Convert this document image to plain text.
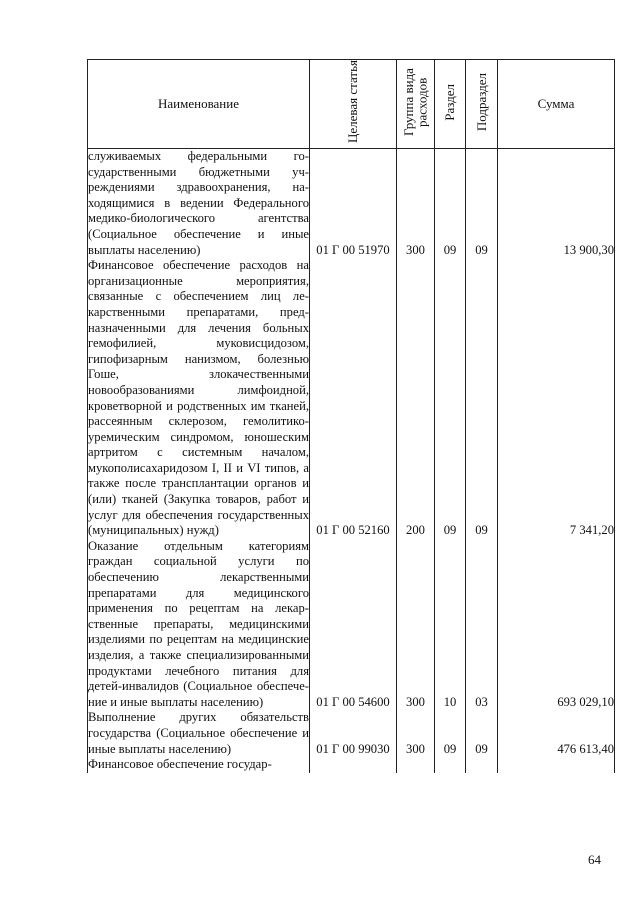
Наименование	Целевая статья	Группа вида расходов	Раздел	Подраздел	Сумма
служиваемых федеральными государственными бюджетными учреждениями здравоохранения, находящимися в ведении Федерального медико-биологического агентства (Социальное обеспечение и иные выплаты населению)	01 Г 00 51970	300	09	09	13 900,30
Финансовое обеспечение расходов на организационные мероприятия, связанные с обеспечением лиц лекарственными препаратами, предназначенными для лечения больных гемофилией, муковисцидозом, гипофизарным нанизмом, болезнью Гоше, злокачественными новообразованиями лимфоидной, кроветворной и родственных им тканей, рассеянным склерозом, гемолитико-уремическим синдромом, юношеским артритом с системным началом, мукополисахаридозом I, II и VI типов, а также после трансплантации органов и (или) тканей (Закупка товаров, работ и услуг для обеспечения государственных (муниципальных) нужд)	01 Г 00 52160	200	09	09	7 341,20
Оказание отдельным категориям граждан социальной услуги по обеспечению лекарственными препаратами для медицинского применения по рецептам на лекарственные препараты, медицинскими изделиями по рецептам на медицинские изделия, а также специализированными продуктами лечебного питания для детей-инвалидов (Социальное обеспечение и иные выплаты населению)	01 Г 00 54600	300	10	03	693 029,10
Выполнение других обязательств государства (Социальное обеспечение и иные выплаты населению)	01 Г 00 99030	300	09	09	476 613,40
Финансовое обеспечение государ-					
64
